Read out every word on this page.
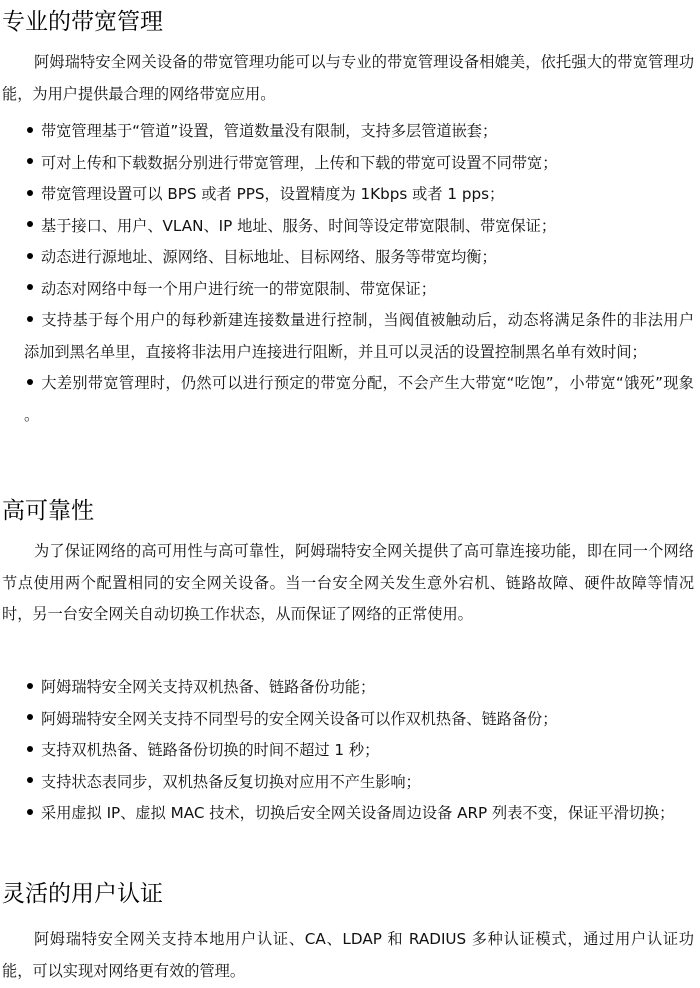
专业的带宽管理

阿姆瑞特安全网关设备的带宽管理功能可以与专业的带宽管理设备相媲美，依托强大的带宽管理功能，为用户提供最合理的网络带宽应用。

带宽管理基于“管道”设置，管道数量没有限制，支持多层管道嵌套；
可对上传和下载数据分别进行带宽管理，上传和下载的带宽可设置不同带宽；
带宽管理设置可以 BPS 或者 PPS，设置精度为 1Kbps 或者 1 pps；
基于接口、用户、VLAN、IP 地址、服务、时间等设定带宽限制、带宽保证；
动态进行源地址、源网络、目标地址、目标网络、服务等带宽均衡；
动态对网络中每一个用户进行统一的带宽限制、带宽保证；
支持基于每个用户的每秒新建连接数量进行控制，当阀值被触动后，动态将满足条件的非法用户添加到黑名单里，直接将非法用户连接进行阻断，并且可以灵活的设置控制黑名单有效时间；
大差别带宽管理时，仍然可以进行预定的带宽分配，不会产生大带宽“吃饱”，小带宽“饿死”现象 。
高可靠性

为了保证网络的高可用性与高可靠性，阿姆瑞特安全网关提供了高可靠连接功能，即在同一个网络节点使用两个配置相同的安全网关设备。当一台安全网关发生意外宕机、链路故障、硬件故障等情况时，另一台安全网关自动切换工作状态，从而保证了网络的正常使用。

阿姆瑞特安全网关支持双机热备、链路备份功能；
阿姆瑞特安全网关支持不同型号的安全网关设备可以作双机热备、链路备份；
支持双机热备、链路备份切换的时间不超过 1 秒；
支持状态表同步，双机热备反复切换对应用不产生影响；
采用虚拟 IP、虚拟 MAC 技术，切换后安全网关设备周边设备 ARP 列表不变，保证平滑切换；
灵活的用户认证

阿姆瑞特安全网关支持本地用户认证、CA、LDAP 和 RADIUS 多种认证模式，通过用户认证功能，可以实现对网络更有效的管理。
